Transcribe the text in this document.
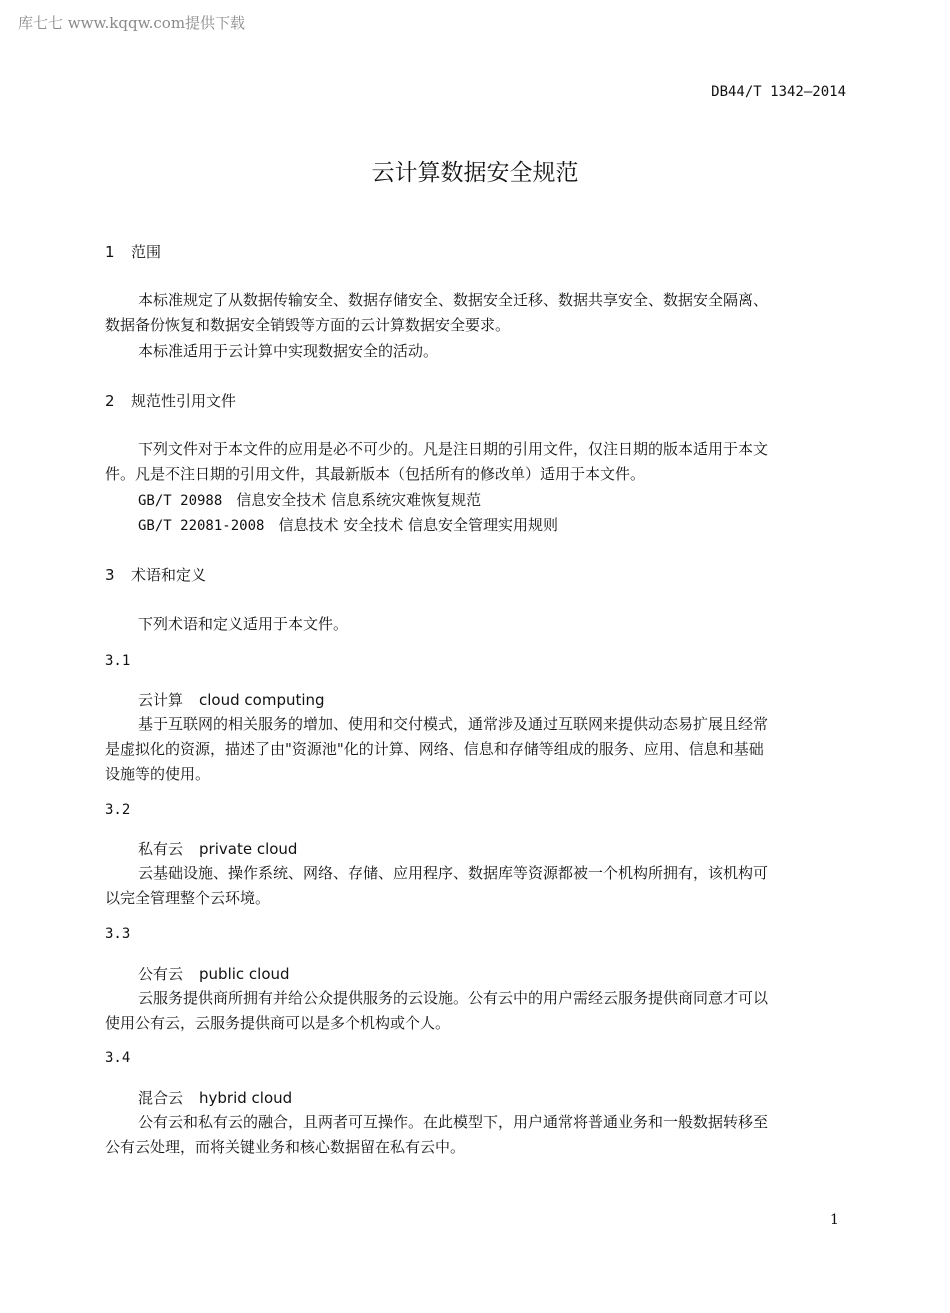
库七七 www.kqqw.com提供下载
DB44/T 1342—2014
云计算数据安全规范
1 范围
本标准规定了从数据传输安全、数据存储安全、数据安全迁移、数据共享安全、数据安全隔离、
数据备份恢复和数据安全销毁等方面的云计算数据安全要求。
本标准适用于云计算中实现数据安全的活动。
2 规范性引用文件
下列文件对于本文件的应用是必不可少的。凡是注日期的引用文件，仅注日期的版本适用于本文
件。凡是不注日期的引用文件，其最新版本（包括所有的修改单）适用于本文件。
GB/T 20988 信息安全技术 信息系统灾难恢复规范
GB/T 22081-2008 信息技术 安全技术 信息安全管理实用规则
3 术语和定义
下列术语和定义适用于本文件。
3.1
云计算 cloud computing
基于互联网的相关服务的增加、使用和交付模式，通常涉及通过互联网来提供动态易扩展且经常
是虚拟化的资源，描述了由"资源池"化的计算、网络、信息和存储等组成的服务、应用、信息和基础
设施等的使用。
3.2
私有云 private cloud
云基础设施、操作系统、网络、存储、应用程序、数据库等资源都被一个机构所拥有，该机构可
以完全管理整个云环境。
3.3
公有云 public cloud
云服务提供商所拥有并给公众提供服务的云设施。公有云中的用户需经云服务提供商同意才可以
使用公有云，云服务提供商可以是多个机构或个人。
3.4
混合云 hybrid cloud
公有云和私有云的融合，且两者可互操作。在此模型下，用户通常将普通业务和一般数据转移至
公有云处理，而将关键业务和核心数据留在私有云中。
1
